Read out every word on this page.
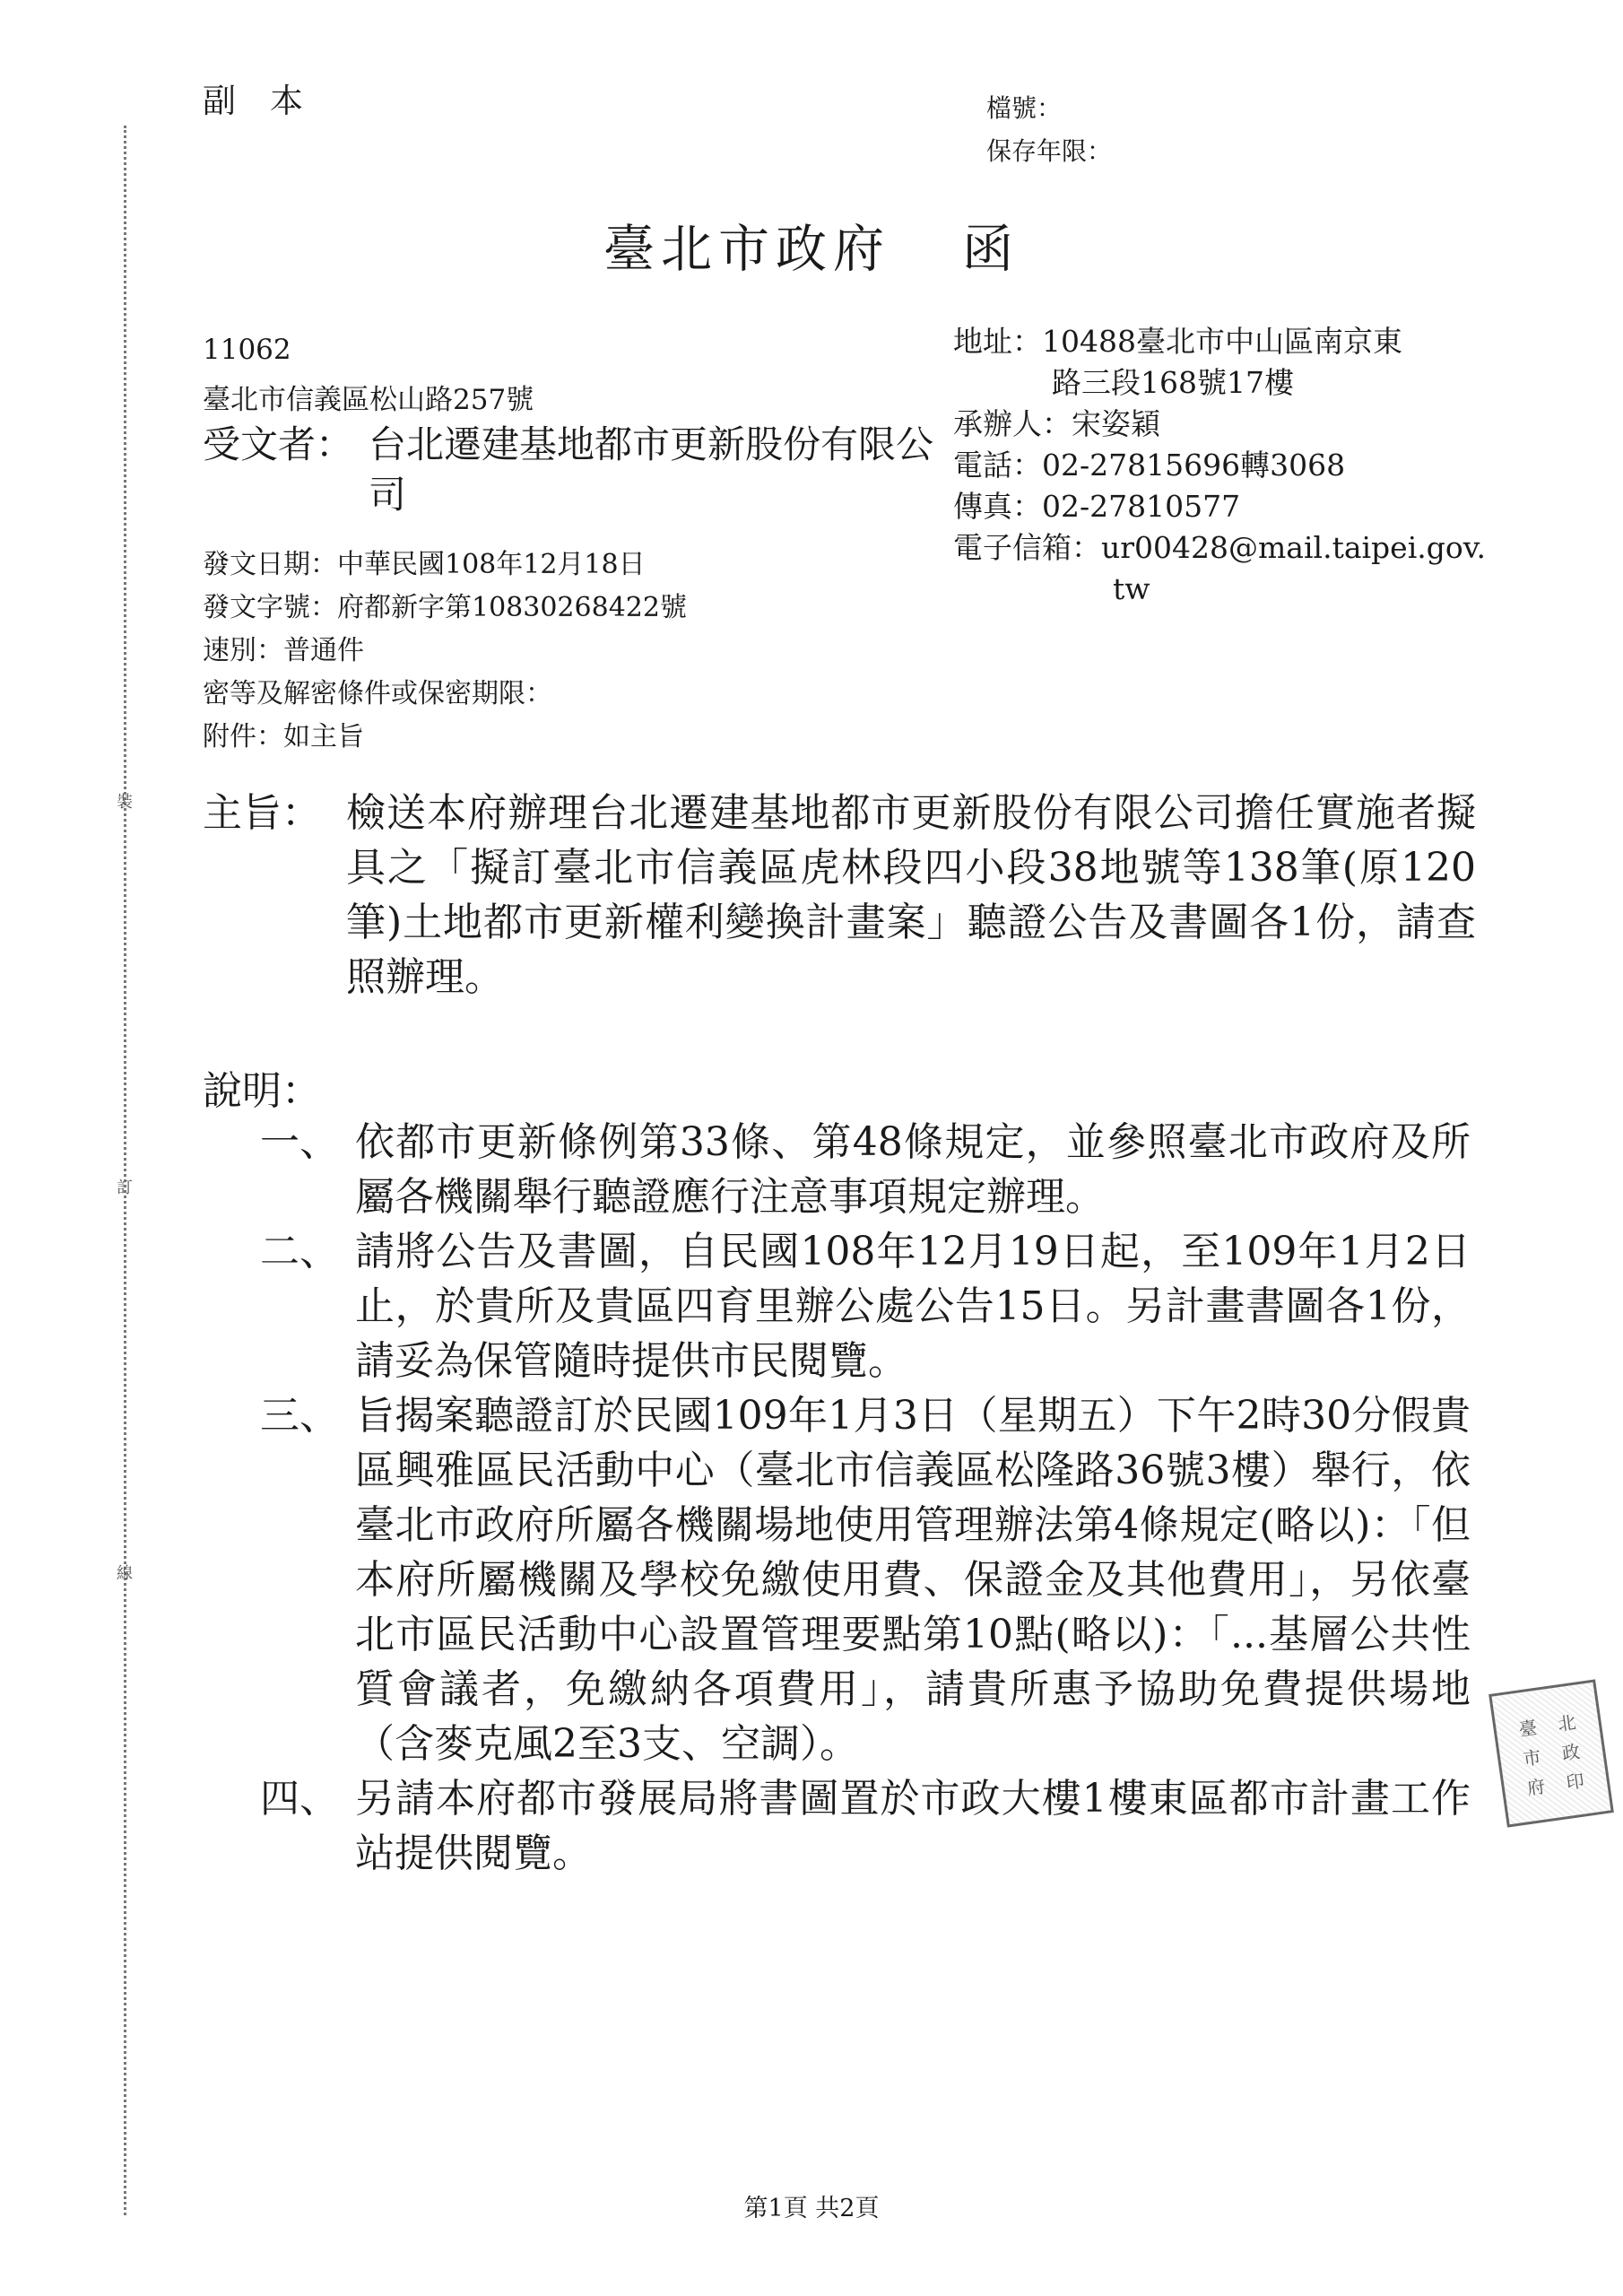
裝
訂
線
副本	檔號：
保存年限：
臺北市政府 函
11062
臺北市信義區松山路257號
受文者： 台北遷建基地都市更新股份有限公司
地址： 10488臺北市中山區南京東
路三段168號17樓
承辦人： 宋姿穎
電話： 02-27815696轉3068
傳真： 02-27810577
電子信箱： ur00428@mail.taipei.gov.
tw
發文日期：中華民國108年12月18日
發文字號：府都新字第10830268422號
速別：普通件
密等及解密條件或保密期限：
附件：如主旨
主旨： 檢送本府辦理台北遷建基地都市更新股份有限公司擔任實施者擬具之「擬訂臺北市信義區虎林段四小段38地號等138筆(原120筆)土地都市更新權利變換計畫案」聽證公告及書圖各1份，請查照辦理。
說明：
一、 依都市更新條例第33條、第48條規定，並參照臺北市政府及所屬各機關舉行聽證應行注意事項規定辦理。
二、 請將公告及書圖，自民國108年12月19日起，至109年1月2日止，於貴所及貴區四育里辦公處公告15日。另計畫書圖各1份，請妥為保管隨時提供市民閱覽。
三、 旨揭案聽證訂於民國109年1月3日（星期五）下午2時30分假貴區興雅區民活動中心（臺北市信義區松隆路36號3樓）舉行，依臺北市政府所屬各機關場地使用管理辦法第4條規定(略以)：「但本府所屬機關及學校免繳使用費、保證金及其他費用」，另依臺北市區民活動中心設置管理要點第10點(略以)：「...基層公共性質會議者，免繳納各項費用」，請貴所惠予協助免費提供場地（含麥克風2至3支、空調）。
四、 另請本府都市發展局將書圖置於市政大樓1樓東區都市計畫工作站提供閱覽。
臺	北
市	政
府	印
第1頁 共2頁
